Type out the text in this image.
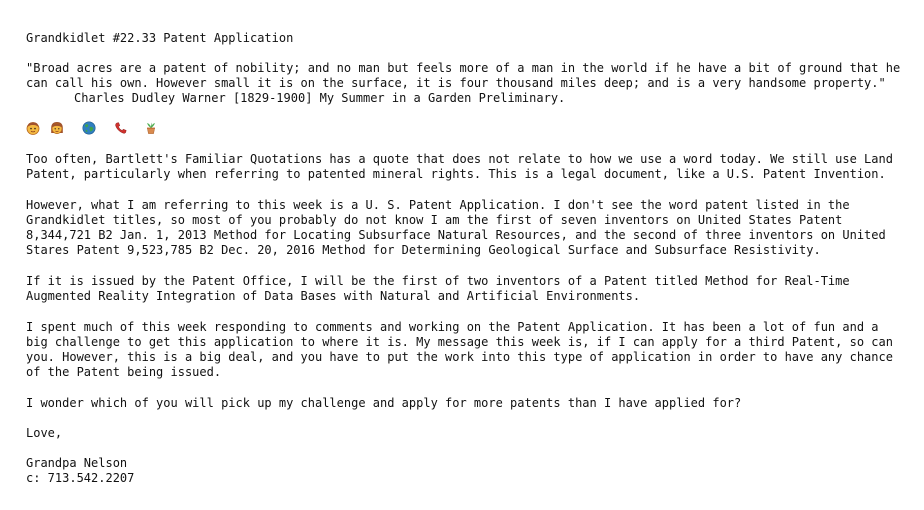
Grandkidlet #22.33 Patent Application

"Broad acres are a patent of nobility; and no man but feels more of a man in the world if he have a bit of ground that he can call his own. However small it is on the surface, it is four thousand miles deep; and is a very handsome property."

Charles Dudley Warner [1829-1900] My Summer in a Garden Preliminary.

Too often, Bartlett's Familiar Quotations has a quote that does not relate to how we use a word today. We still use Land Patent, particularly when referring to patented mineral rights. This is a legal document, like a U.S. Patent Invention.

However, what I am referring to this week is a U. S. Patent Application. I don't see the word patent listed in the Grandkidlet titles, so most of you probably do not know I am the first of seven inventors on United States Patent 8,344,721 B2 Jan. 1, 2013 Method for Locating Subsurface Natural Resources, and the second of three inventors on United Stares Patent 9,523,785 B2 Dec. 20, 2016 Method for Determining Geological Surface and Subsurface Resistivity.

If it is issued by the Patent Office, I will be the first of two inventors of a Patent titled Method for Real-Time Augmented Reality Integration of Data Bases with Natural and Artificial Environments.

I spent much of this week responding to comments and working on the Patent Application. It has been a lot of fun and a big challenge to get this application to where it is. My message this week is, if I can apply for a third Patent, so can you. However, this is a big deal, and you have to put the work into this type of application in order to have any chance of the Patent being issued.

I wonder which of you will pick up my challenge and apply for more patents than I have applied for?

Love,

Grandpa Nelson

c: 713.542.2207
